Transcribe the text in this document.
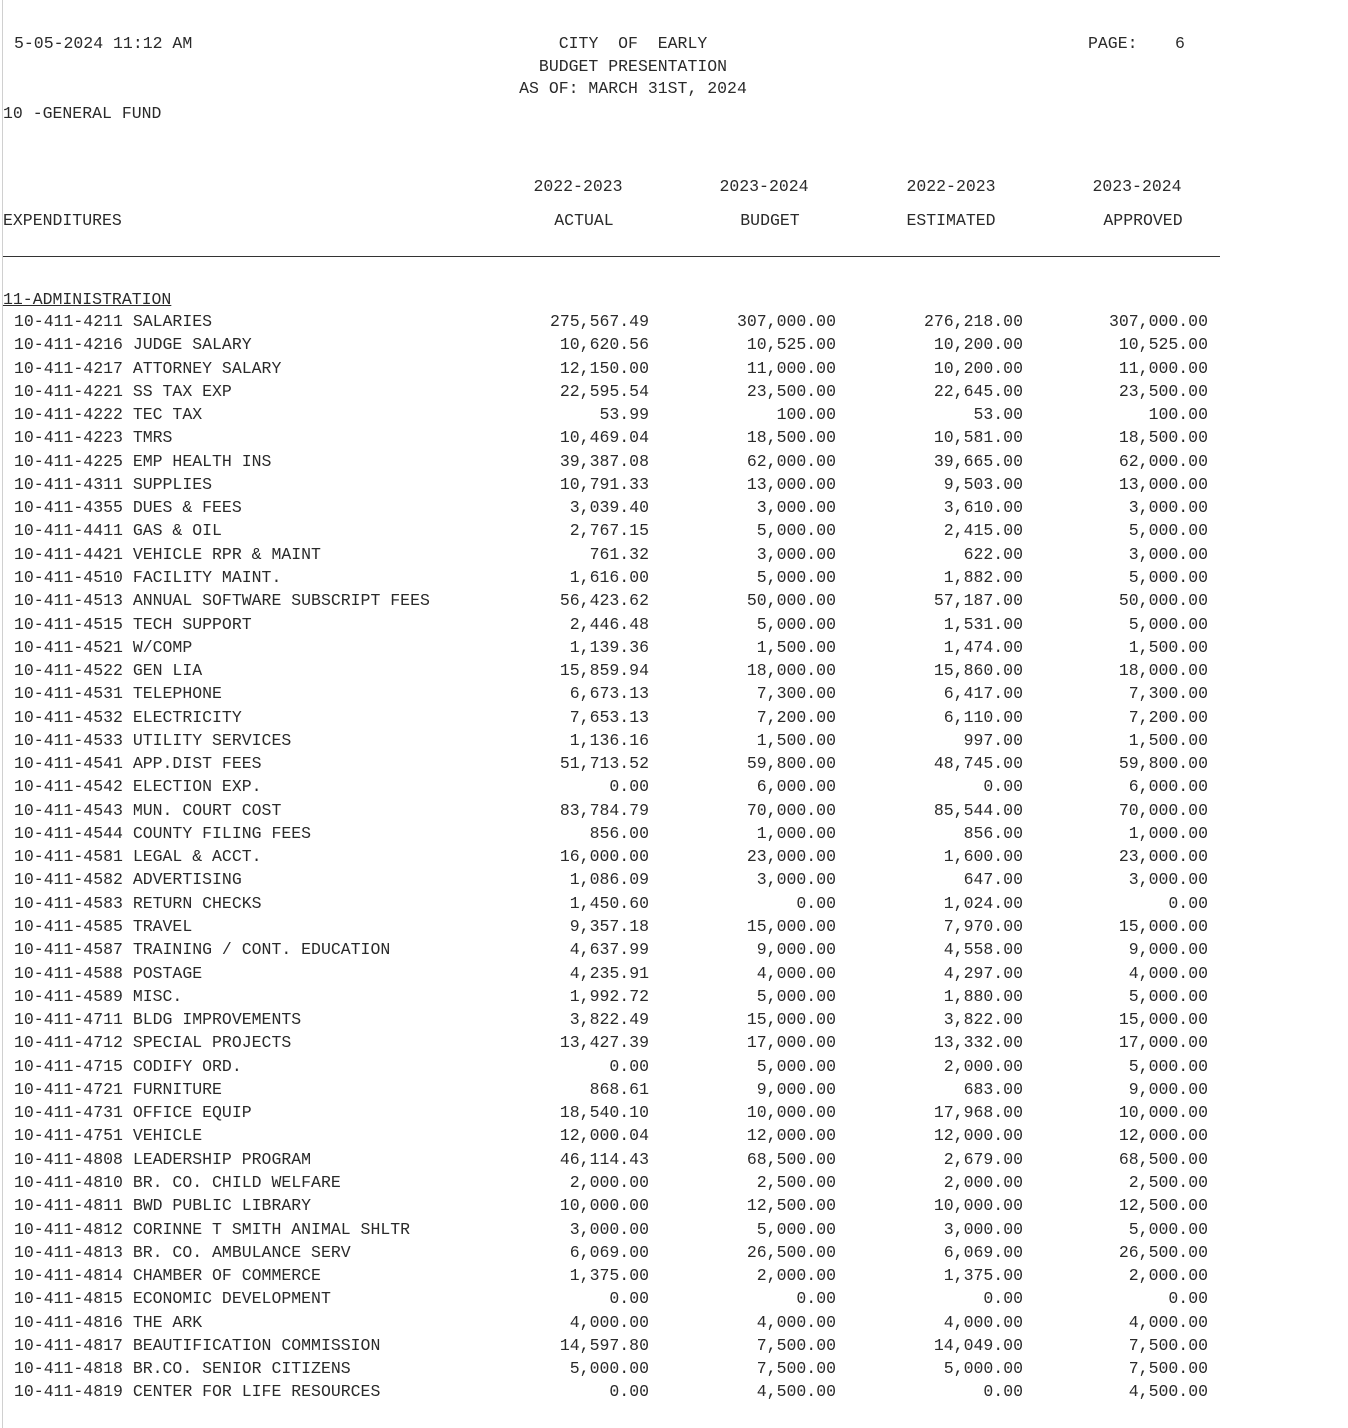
5-05-2024 11:12 AM	CITY  OF  EARLY
BUDGET PRESENTATION
AS OF: MARCH 31ST, 2024
PAGE: 6
10 -GENERAL FUND
2022-2023	2023-2024	2022-2023	2023-2024
EXPENDITURES	ACTUAL	BUDGET	ESTIMATED	APPROVED
11-ADMINISTRATION
10-411-4211 SALARIES	275,567.49	307,000.00	276,218.00	307,000.00
10-411-4216 JUDGE SALARY	10,620.56	10,525.00	10,200.00	10,525.00
10-411-4217 ATTORNEY SALARY	12,150.00	11,000.00	10,200.00	11,000.00
10-411-4221 SS TAX EXP	22,595.54	23,500.00	22,645.00	23,500.00
10-411-4222 TEC TAX	53.99	100.00	53.00	100.00
10-411-4223 TMRS	10,469.04	18,500.00	10,581.00	18,500.00
10-411-4225 EMP HEALTH INS	39,387.08	62,000.00	39,665.00	62,000.00
10-411-4311 SUPPLIES	10,791.33	13,000.00	9,503.00	13,000.00
10-411-4355 DUES & FEES	3,039.40	3,000.00	3,610.00	3,000.00
10-411-4411 GAS & OIL	2,767.15	5,000.00	2,415.00	5,000.00
10-411-4421 VEHICLE RPR & MAINT	761.32	3,000.00	622.00	3,000.00
10-411-4510 FACILITY MAINT.	1,616.00	5,000.00	1,882.00	5,000.00
10-411-4513 ANNUAL SOFTWARE SUBSCRIPT FEES	56,423.62	50,000.00	57,187.00	50,000.00
10-411-4515 TECH SUPPORT	2,446.48	5,000.00	1,531.00	5,000.00
10-411-4521 W/COMP	1,139.36	1,500.00	1,474.00	1,500.00
10-411-4522 GEN LIA	15,859.94	18,000.00	15,860.00	18,000.00
10-411-4531 TELEPHONE	6,673.13	7,300.00	6,417.00	7,300.00
10-411-4532 ELECTRICITY	7,653.13	7,200.00	6,110.00	7,200.00
10-411-4533 UTILITY SERVICES	1,136.16	1,500.00	997.00	1,500.00
10-411-4541 APP.DIST FEES	51,713.52	59,800.00	48,745.00	59,800.00
10-411-4542 ELECTION EXP.	0.00	6,000.00	0.00	6,000.00
10-411-4543 MUN. COURT COST	83,784.79	70,000.00	85,544.00	70,000.00
10-411-4544 COUNTY FILING FEES	856.00	1,000.00	856.00	1,000.00
10-411-4581 LEGAL & ACCT.	16,000.00	23,000.00	1,600.00	23,000.00
10-411-4582 ADVERTISING	1,086.09	3,000.00	647.00	3,000.00
10-411-4583 RETURN CHECKS	1,450.60	0.00	1,024.00	0.00
10-411-4585 TRAVEL	9,357.18	15,000.00	7,970.00	15,000.00
10-411-4587 TRAINING / CONT. EDUCATION	4,637.99	9,000.00	4,558.00	9,000.00
10-411-4588 POSTAGE	4,235.91	4,000.00	4,297.00	4,000.00
10-411-4589 MISC.	1,992.72	5,000.00	1,880.00	5,000.00
10-411-4711 BLDG IMPROVEMENTS	3,822.49	15,000.00	3,822.00	15,000.00
10-411-4712 SPECIAL PROJECTS	13,427.39	17,000.00	13,332.00	17,000.00
10-411-4715 CODIFY ORD.	0.00	5,000.00	2,000.00	5,000.00
10-411-4721 FURNITURE	868.61	9,000.00	683.00	9,000.00
10-411-4731 OFFICE EQUIP	18,540.10	10,000.00	17,968.00	10,000.00
10-411-4751 VEHICLE	12,000.04	12,000.00	12,000.00	12,000.00
10-411-4808 LEADERSHIP PROGRAM	46,114.43	68,500.00	2,679.00	68,500.00
10-411-4810 BR. CO. CHILD WELFARE	2,000.00	2,500.00	2,000.00	2,500.00
10-411-4811 BWD PUBLIC LIBRARY	10,000.00	12,500.00	10,000.00	12,500.00
10-411-4812 CORINNE T SMITH ANIMAL SHLTR	3,000.00	5,000.00	3,000.00	5,000.00
10-411-4813 BR. CO. AMBULANCE SERV	6,069.00	26,500.00	6,069.00	26,500.00
10-411-4814 CHAMBER OF COMMERCE	1,375.00	2,000.00	1,375.00	2,000.00
10-411-4815 ECONOMIC DEVELOPMENT	0.00	0.00	0.00	0.00
10-411-4816 THE ARK	4,000.00	4,000.00	4,000.00	4,000.00
10-411-4817 BEAUTIFICATION COMMISSION	14,597.80	7,500.00	14,049.00	7,500.00
10-411-4818 BR.CO. SENIOR CITIZENS	5,000.00	7,500.00	5,000.00	7,500.00
10-411-4819 CENTER FOR LIFE RESOURCES	0.00	4,500.00	0.00	4,500.00
